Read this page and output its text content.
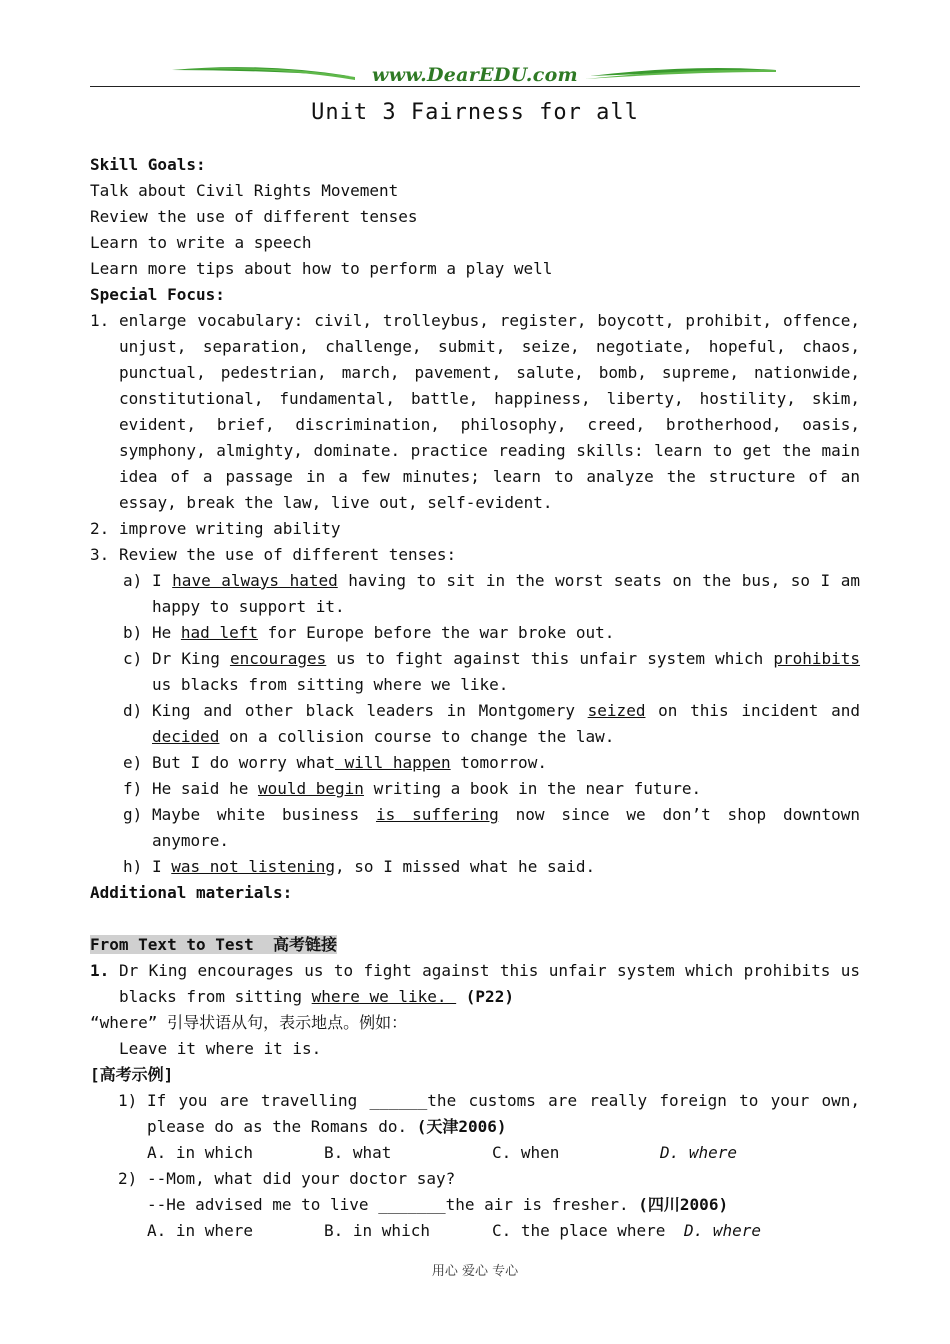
www.DearEDU.com
Unit 3 Fairness for all
Skill Goals:
Talk about Civil Rights Movement
Review the use of different tenses
Learn to write a speech
Learn more tips about how to perform a play well
Special Focus:
1. enlarge vocabulary: civil, trolleybus, register, boycott, prohibit, offence,
unjust, separation, challenge, submit, seize, negotiate, hopeful, chaos,
punctual, pedestrian, march, pavement, salute, bomb, supreme, nationwide,
constitutional, fundamental, battle, happiness, liberty, hostility, skim,
evident, brief, discrimination, philosophy, creed, brotherhood, oasis,
symphony, almighty, dominate. practice reading skills: learn to get the main
idea of a passage in a few minutes; learn to analyze the structure of an
essay, break the law, live out, self-evident.
2. improve writing ability
3. Review the use of different tenses:
a) I have always hated having to sit in the worst seats on the bus, so I am
happy to support it.
b) He had left for Europe before the war broke out.
c) Dr King encourages us to fight against this unfair system which prohibits
us blacks from sitting where we like.
d) King and other black leaders in Montgomery seized on this incident and
decided on a collision course to change the law.
e) But I do worry what will happen tomorrow.
f) He said he would begin writing a book in the near future.
g) Maybe white business is suffering now since we don’t shop downtown
anymore.
h) I was not listening, so I missed what he said.
Additional materials:
From Text to Test  高考链接
1. Dr King encourages us to fight against this unfair system which prohibits us
blacks from sitting where we like.  (P22)
“where” 引导状语从句，表示地点。例如：
Leave it where it is.
[高考示例]
1) If you are travelling ______the customs are really foreign to your own,
please do as the Romans do. (天津2006)
A. in which	B. what	C. when	D. where
2) --Mom, what did your doctor say?
--He advised me to live _______the air is fresher. (四川2006)
A. in where	B. in which	C. the place where D. where
用心 爱心 专心
